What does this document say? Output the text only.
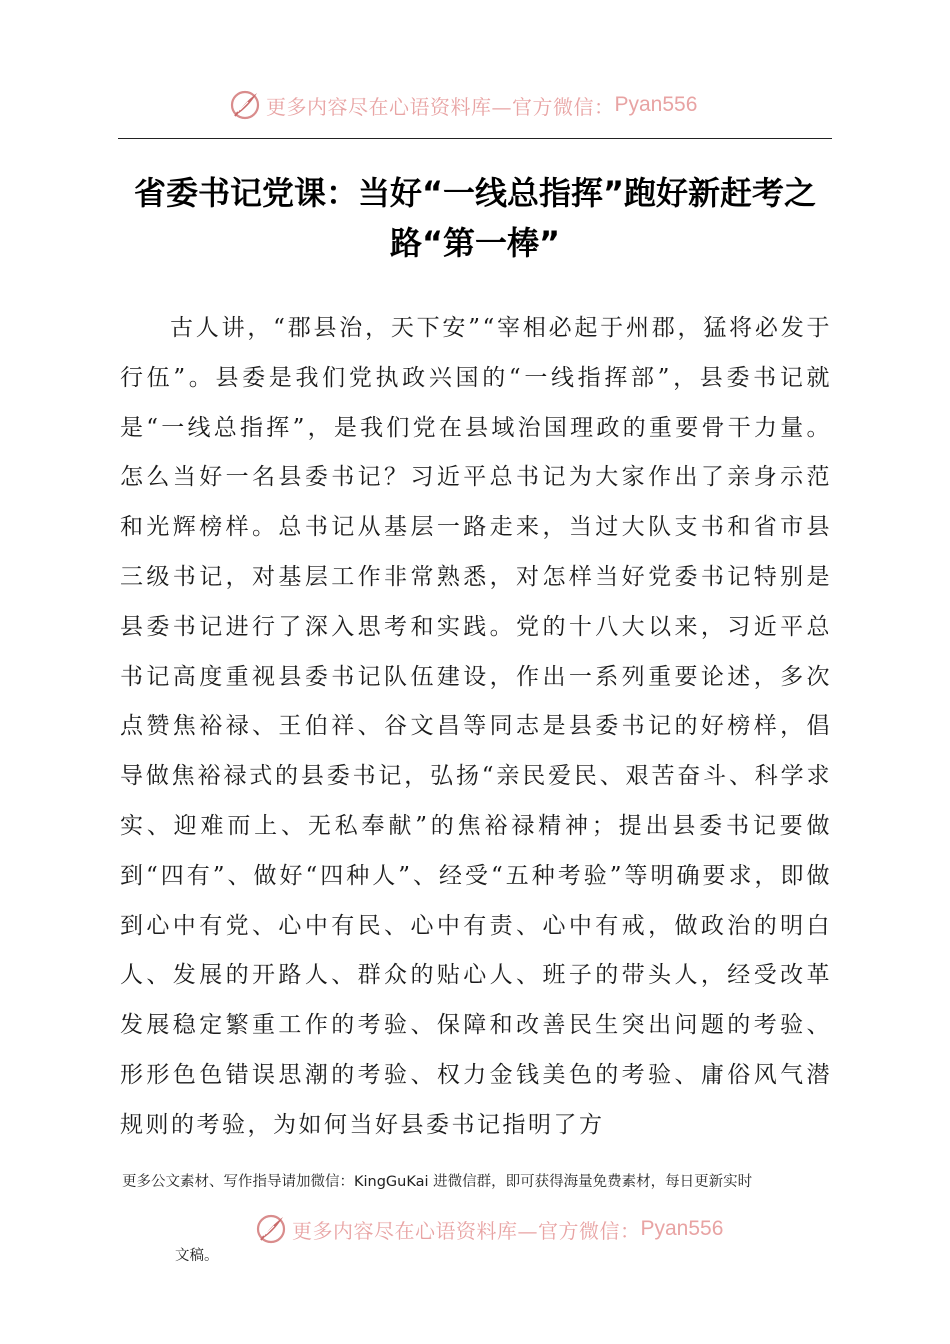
更多内容尽在心语资料库—官方微信： Pyan556
省委书记党课：当好“一线总指挥”跑好新赶考之路“第一棒”

古人讲，“郡县治，天下安”“宰相必起于州郡，猛将必发于行伍”。县委是我们党执政兴国的“一线指挥部”，县委书记就是“一线总指挥”，是我们党在县域治国理政的重要骨干力量。怎么当好一名县委书记？习近平总书记为大家作出了亲身示范和光辉榜样。总书记从基层一路走来，当过大队支书和省市县三级书记，对基层工作非常熟悉，对怎样当好党委书记特别是县委书记进行了深入思考和实践。党的十八大以来，习近平总书记高度重视县委书记队伍建设，作出一系列重要论述，多次点赞焦裕禄、王伯祥、谷文昌等同志是县委书记的好榜样，倡导做焦裕禄式的县委书记，弘扬“亲民爱民、艰苦奋斗、科学求实、迎难而上、无私奉献”的焦裕禄精神；提出县委书记要做到“四有”、做好“四种人”、经受“五种考验”等明确要求，即做到心中有党、心中有民、心中有责、心中有戒，做政治的明白人、发展的开路人、群众的贴心人、班子的带头人，经受改革发展稳定繁重工作的考验、保障和改善民生突出问题的考验、形形色色错误思潮的考验、权力金钱美色的考验、庸俗风气潜规则的考验，为如何当好县委书记指明了方

更多公文素材、写作指导请加微信：KingGuKai 进微信群，即可获得海量免费素材，每日更新实时

更多内容尽在心语资料库—官方微信： Pyan556
文稿。
